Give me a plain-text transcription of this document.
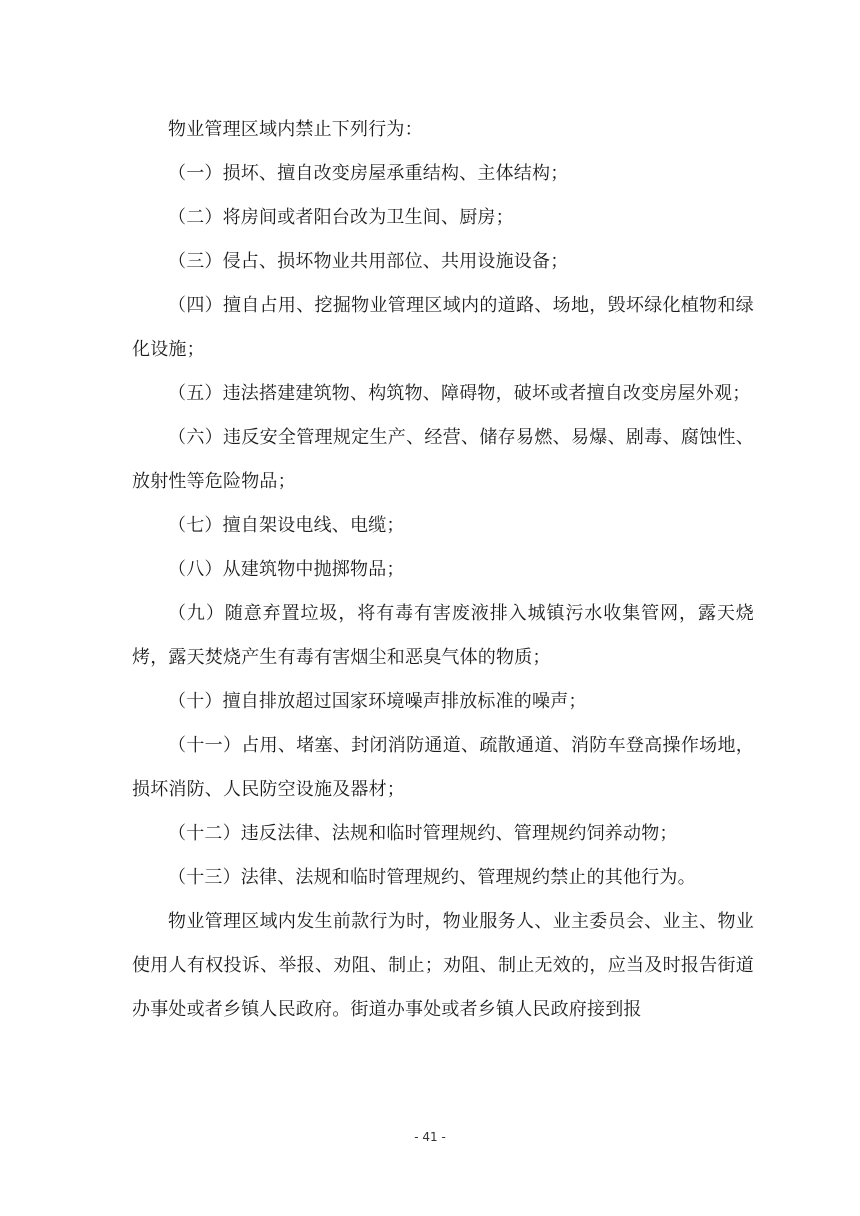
物业管理区域内禁止下列行为：

（一）损坏、擅自改变房屋承重结构、主体结构；

（二）将房间或者阳台改为卫生间、厨房；

（三）侵占、损坏物业共用部位、共用设施设备；

（四）擅自占用、挖掘物业管理区域内的道路、场地，毁坏绿化植物和绿化设施；

（五）违法搭建建筑物、构筑物、障碍物，破坏或者擅自改变房屋外观；

（六）违反安全管理规定生产、经营、储存易燃、易爆、剧毒、腐蚀性、放射性等危险物品；

（七）擅自架设电线、电缆；

（八）从建筑物中抛掷物品；

（九）随意弃置垃圾，将有毒有害废液排入城镇污水收集管网，露天烧烤，露天焚烧产生有毒有害烟尘和恶臭气体的物质；

（十）擅自排放超过国家环境噪声排放标准的噪声；

（十一）占用、堵塞、封闭消防通道、疏散通道、消防车登高操作场地，损坏消防、人民防空设施及器材；

（十二）违反法律、法规和临时管理规约、管理规约饲养动物；

（十三）法律、法规和临时管理规约、管理规约禁止的其他行为。

物业管理区域内发生前款行为时，物业服务人、业主委员会、业主、物业使用人有权投诉、举报、劝阻、制止；劝阻、制止无效的，应当及时报告街道办事处或者乡镇人民政府。街道办事处或者乡镇人民政府接到报

- 41 -
